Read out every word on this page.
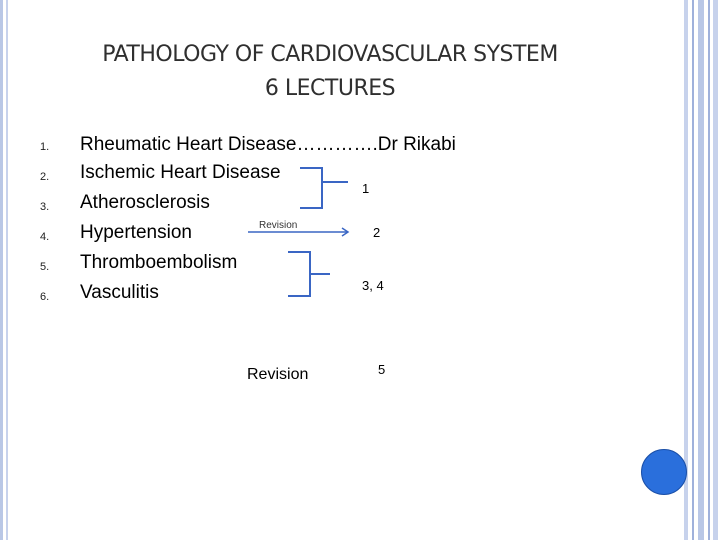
PATHOLOGY OF CARDIOVASCULAR SYSTEM
6 LECTURES
1.	Rheumatic Heart Disease………….Dr Rikabi
2.	Ischemic Heart Disease
3.	Atherosclerosis
4.	Hypertension
5.	Thromboembolism
6.	Vasculitis
Revision
1
2
3, 4
Revision	5
